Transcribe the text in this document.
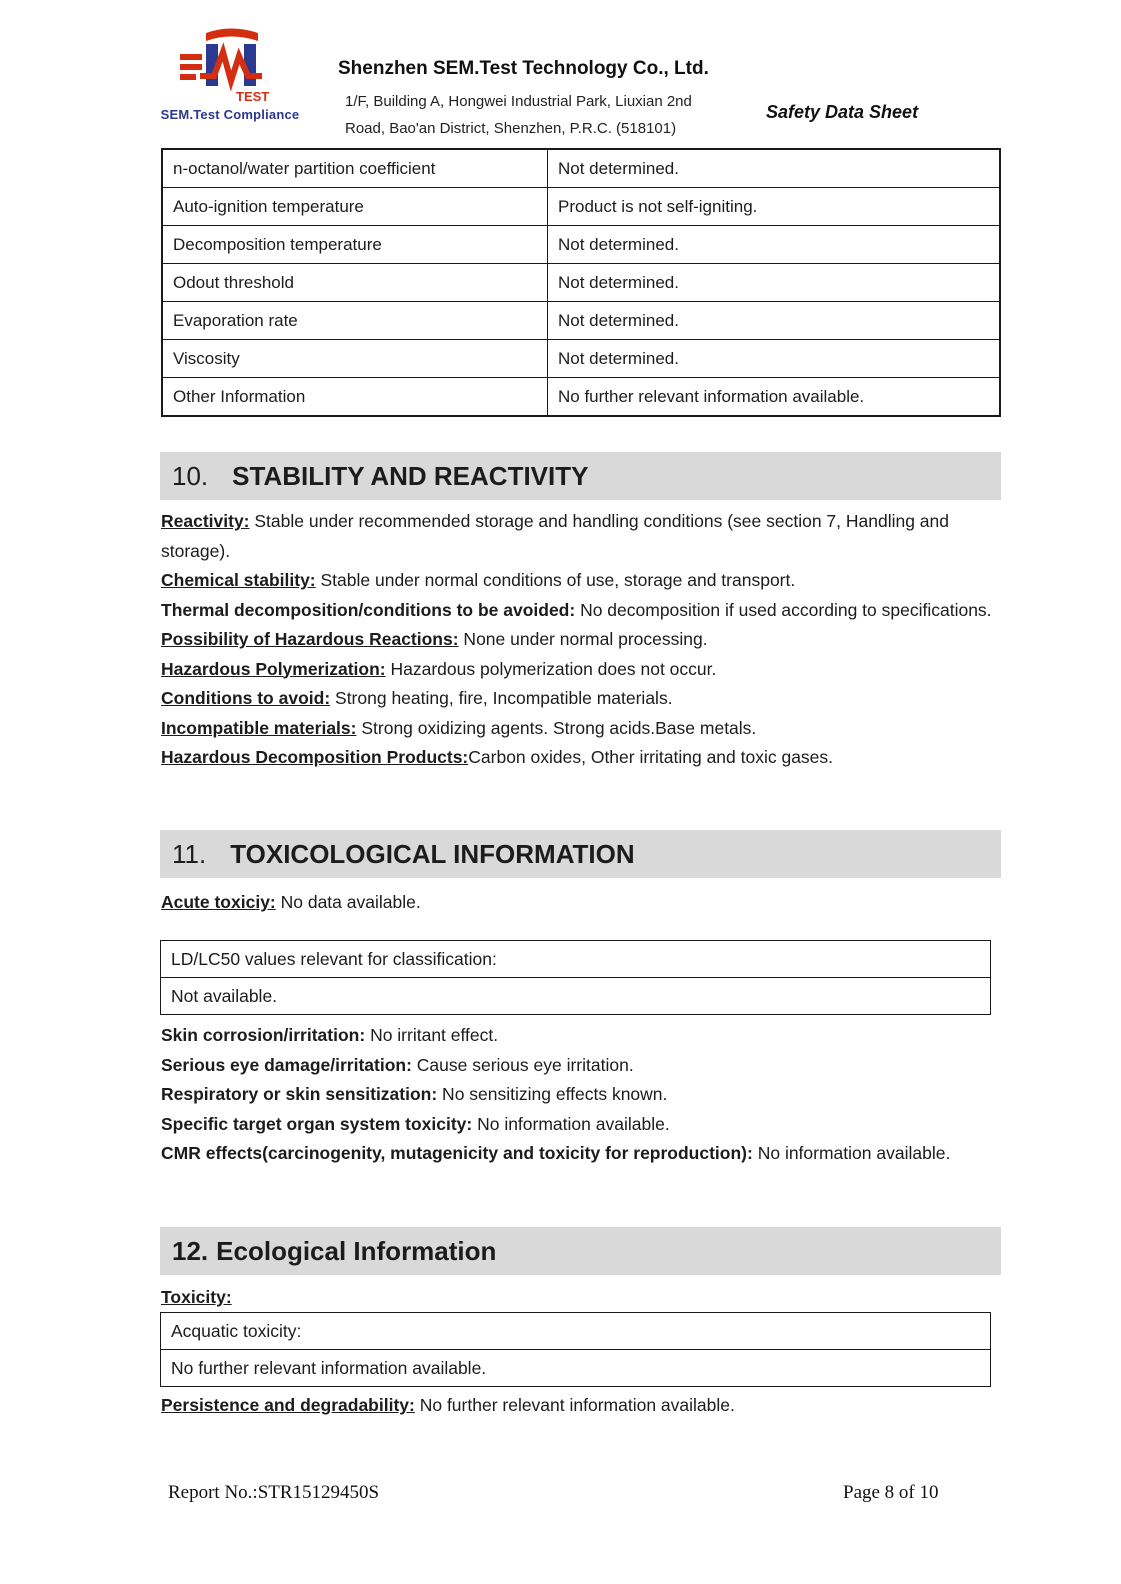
TEST
SEM.Test Compliance
Shenzhen SEM.Test Technology Co., Ltd.
1/F, Building A, Hongwei Industrial Park, Liuxian 2nd
Road, Bao'an District, Shenzhen, P.R.C. (518101)
Safety Data Sheet
n-octanol/water partition coefficient	Not determined.
Auto-ignition temperature	Product is not self-igniting.
Decomposition temperature	Not determined.
Odout threshold	Not determined.
Evaporation rate	Not determined.
Viscosity	Not determined.
Other Information	No further relevant information available.
10. STABILITY AND REACTIVITY

Reactivity: Stable under recommended storage and handling conditions (see section 7, Handling and storage).

Chemical stability: Stable under normal conditions of use, storage and transport.

Thermal decomposition/conditions to be avoided: No decomposition if used according to specifications.

Possibility of Hazardous Reactions: None under normal processing.

Hazardous Polymerization: Hazardous polymerization does not occur.

Conditions to avoid: Strong heating, fire, Incompatible materials.

Incompatible materials: Strong oxidizing agents. Strong acids.Base metals.

Hazardous Decomposition Products:Carbon oxides, Other irritating and toxic gases.

11. TOXICOLOGICAL INFORMATION

Acute toxiciy: No data available.

LD/LC50 values relevant for classification:
Not available.

Skin corrosion/irritation: No irritant effect.

Serious eye damage/irritation: Cause serious eye irritation.

Respiratory or skin sensitization: No sensitizing effects known.

Specific target organ system toxicity: No information available.

CMR effects(carcinogenity, mutagenicity and toxicity for reproduction): No information available.

12. Ecological Information

Toxicity:

Acquatic toxicity:
No further relevant information available.

Persistence and degradability: No further relevant information available.

Report No.:STR15129450S	Page 8 of 10
